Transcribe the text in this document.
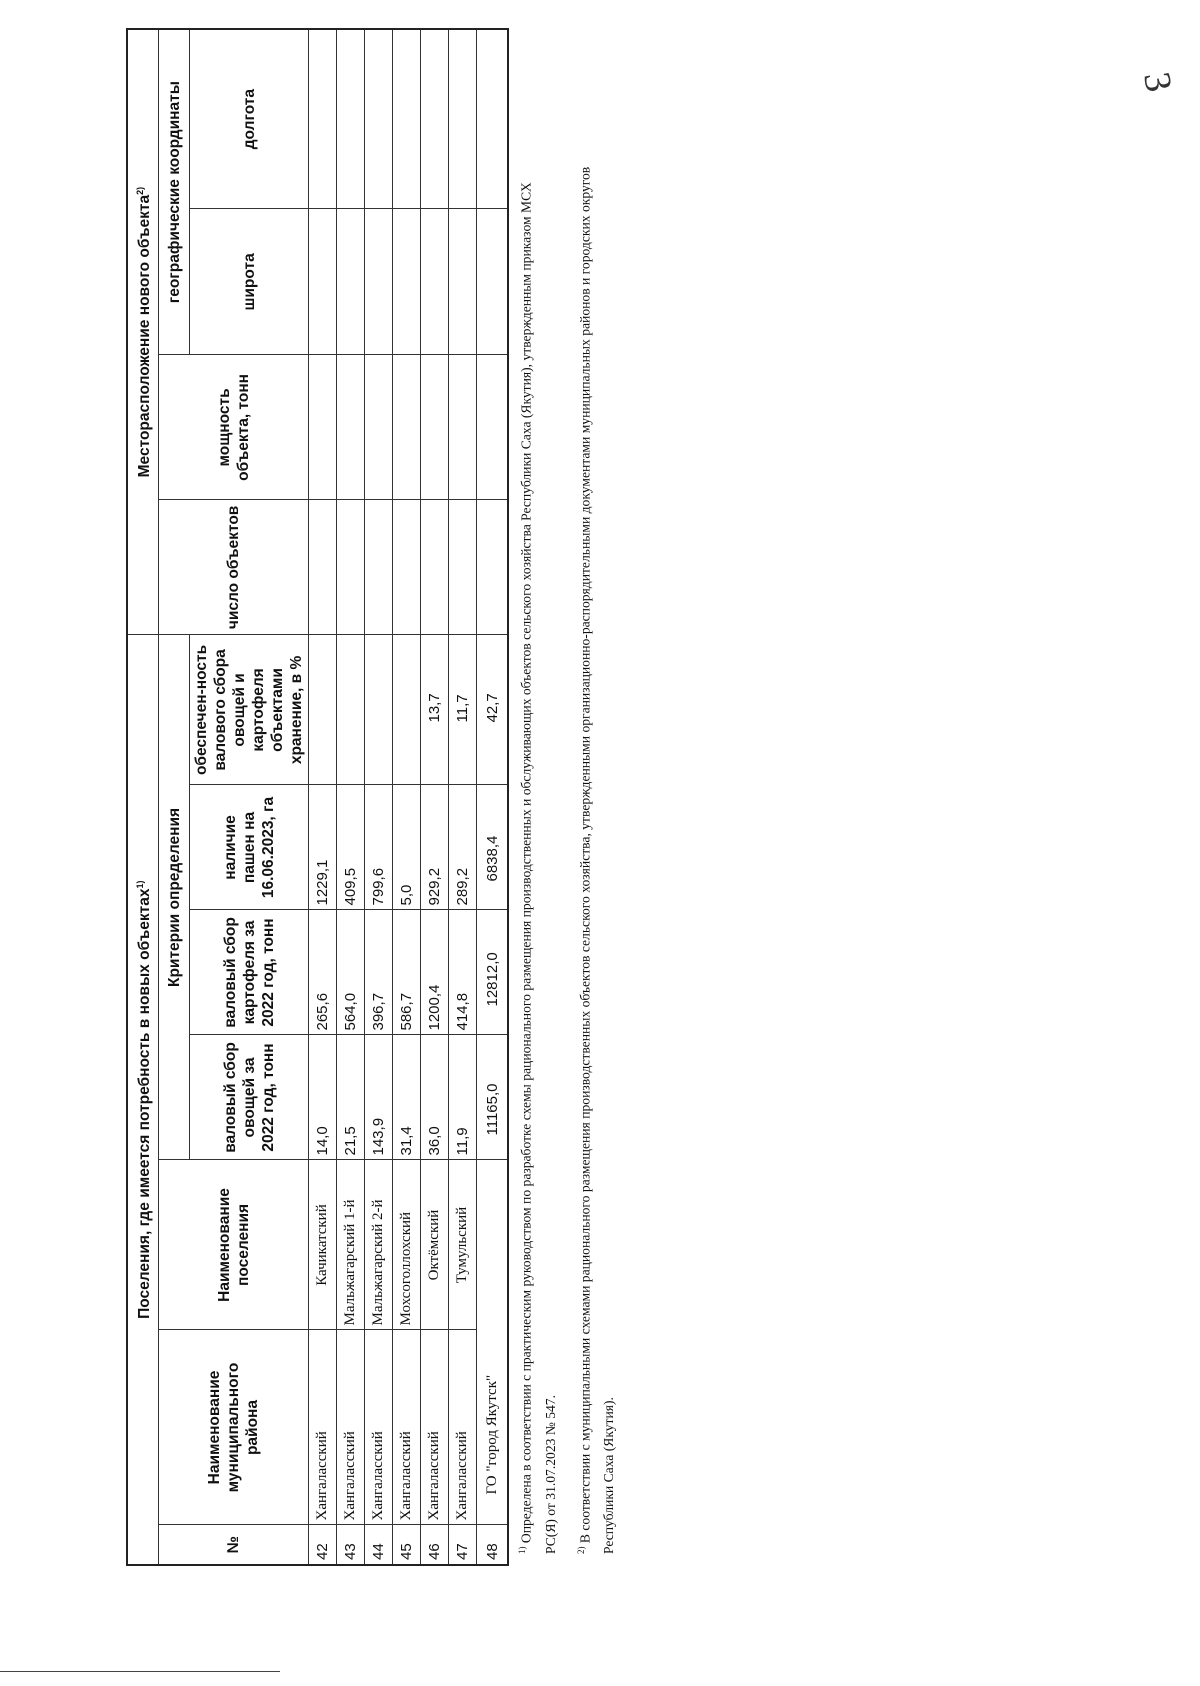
3
Поселения, где имеется потребность в новых объектах$^{1)}$							Месторасположение нового объекта$^{2)}$
№	Наименование муниципального района	Наименование поселения	Критерии определения				число объектов	мощность объекта, тонн	географические координаты	
			валовый сбор овощей за 2022 год, тонн	валовый сбор картофеля за 2022 год, тонн	наличие пашен на 16.06.2023, га	обеспечен-ность валового сбора овощей и картофеля объектами хранение, в %				
									широта	долгота
42	Хангаласский	Качикатский	14,0	265,6	1229,1					
43	Хангаласский	Мальжагарский 1-й	21,5	564,0	409,5					
44	Хангаласский	Мальжагарский 2-й	143,9	396,7	799,6					
45	Хангаласский	Мохсоголлохский	31,4	586,7	5,0					
46	Хангаласский	Октёмский	36,0	1200,4	929,2	13,7				
47	Хангаласский	Тумульский	11,9	414,8	289,2	11,7				
48	ГО "город Якутск"		11165,0	12812,0	6838,4	42,7				

$^{1)}$ Определена в соответствии с практическим руководством по разработке схемы рационального размещения производственных и обслуживающих объектов сельского хозяйства Республики Саха (Якутия), утвержденным приказом МСХ РС(Я) от 31.07.2023 № 547.	$^{2)}$ В соответствии с муниципальными схемами рационального размещения производственных объектов сельского хозяйства, утвержденными организационно-распорядительными документами муниципальных районов и городских округов Республики Саха (Якутия).
